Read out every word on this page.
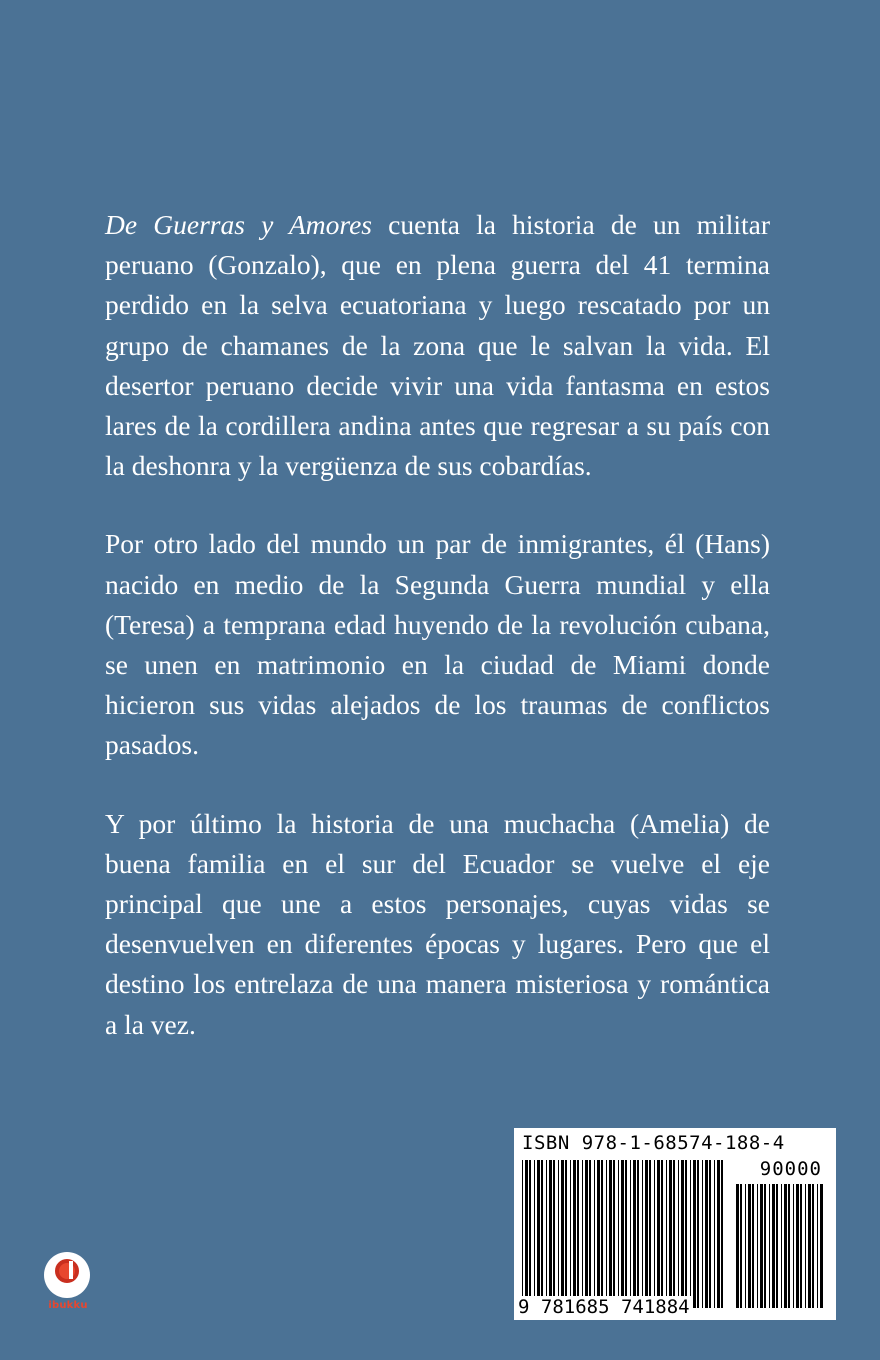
De Guerras y Amores cuenta la historia de un militar peruano (Gonzalo), que en plena guerra del 41 termina perdido en la selva ecuatoriana y luego rescatado por un grupo de chamanes de la zona que le salvan la vida. El desertor peruano decide vivir una vida fantasma en estos lares de la cordillera andina antes que regresar a su país con la deshonra y la vergüenza de sus cobardías.

Por otro lado del mundo un par de inmigrantes, él (Hans) nacido en medio de la Segunda Guerra mundial y ella (Teresa) a temprana edad huyendo de la revolución cubana, se unen en matrimonio en la ciudad de Miami donde hicieron sus vidas alejados de los traumas de conflictos pasados.

Y por último la historia de una muchacha (Amelia) de buena familia en el sur del Ecuador se vuelve el eje principal que une a estos personajes, cuyas vidas se desenvuelven en diferentes épocas y lugares. Pero que el destino los entrelaza de una manera misteriosa y romántica a la vez.

ibukku
ISBN 978-1-68574-188-4
90000
9 781685 741884
